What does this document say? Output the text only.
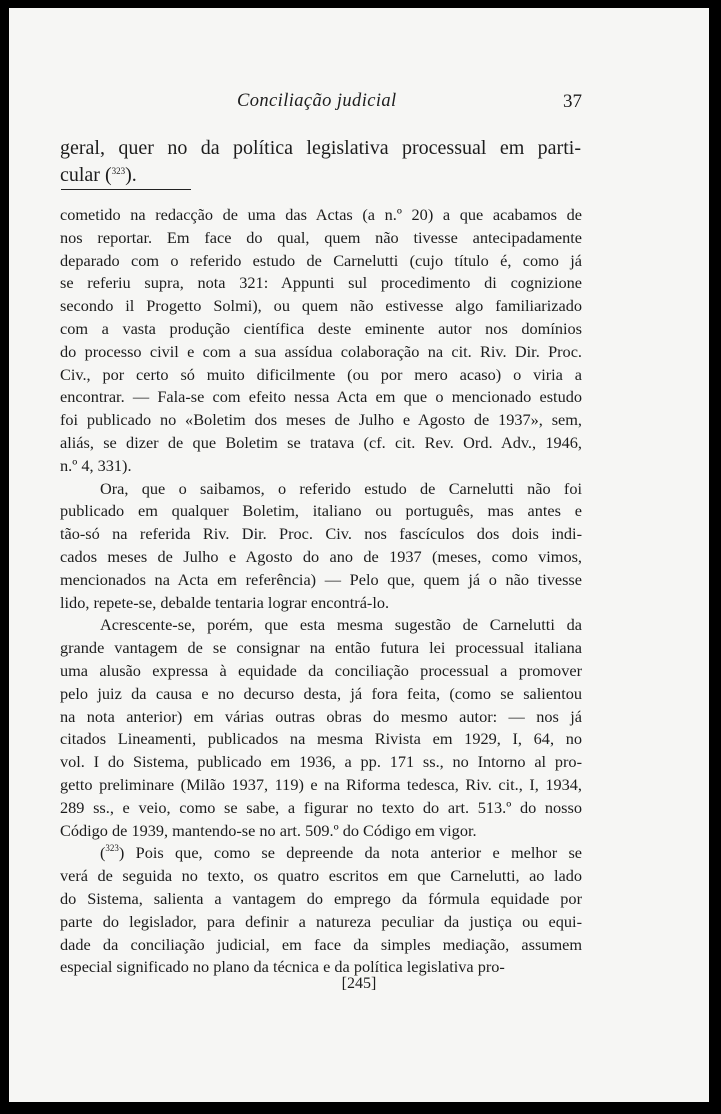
Conciliação judicial	37
geral, quer no da política legislativa processual em parti-
cular ($^{323}$).

cometido na redacção de uma das Actas (a n.º 20) a que acabamos de
nos reportar. Em face do qual, quem não tivesse antecipadamente
deparado com o referido estudo de Carnelutti (cujo título é, como já
se referiu supra, nota 321: Appunti sul procedimento di cognizione
secondo il Progetto Solmi), ou quem não estivesse algo familiarizado
com a vasta produção científica deste eminente autor nos domínios
do processo civil e com a sua assídua colaboração na cit. Riv. Dir. Proc.
Civ., por certo só muito dificilmente (ou por mero acaso) o viria a
encontrar. — Fala-se com efeito nessa Acta em que o mencionado estudo
foi publicado no «Boletim dos meses de Julho e Agosto de 1937», sem,
aliás, se dizer de que Boletim se tratava (cf. cit. Rev. Ord. Adv., 1946,
n.º 4, 331).

Ora, que o saibamos, o referido estudo de Carnelutti não foi
publicado em qualquer Boletim, italiano ou português, mas antes e
tão-só na referida Riv. Dir. Proc. Civ. nos fascículos dos dois indi-
cados meses de Julho e Agosto do ano de 1937 (meses, como vimos,
mencionados na Acta em referência) — Pelo que, quem já o não tivesse
lido, repete-se, debalde tentaria lograr encontrá-lo.

Acrescente-se, porém, que esta mesma sugestão de Carnelutti da
grande vantagem de se consignar na então futura lei processual italiana
uma alusão expressa à equidade da conciliação processual a promover
pelo juiz da causa e no decurso desta, já fora feita, (como se salientou
na nota anterior) em várias outras obras do mesmo autor: — nos já
citados Lineamenti, publicados na mesma Rivista em 1929, I, 64, no
vol. I do Sistema, publicado em 1936, a pp. 171 ss., no Intorno al pro-
getto preliminare (Milão 1937, 119) e na Riforma tedesca, Riv. cit., I, 1934,
289 ss., e veio, como se sabe, a figurar no texto do art. 513.º do nosso
Código de 1939, mantendo-se no art. 509.º do Código em vigor.

($^{323}$) Pois que, como se depreende da nota anterior e melhor se
verá de seguida no texto, os quatro escritos em que Carnelutti, ao lado
do Sistema, salienta a vantagem do emprego da fórmula equidade por
parte do legislador, para definir a natureza peculiar da justiça ou equi-
dade da conciliação judicial, em face da simples mediação, assumem
especial significado no plano da técnica e da política legislativa pro-

[245]
